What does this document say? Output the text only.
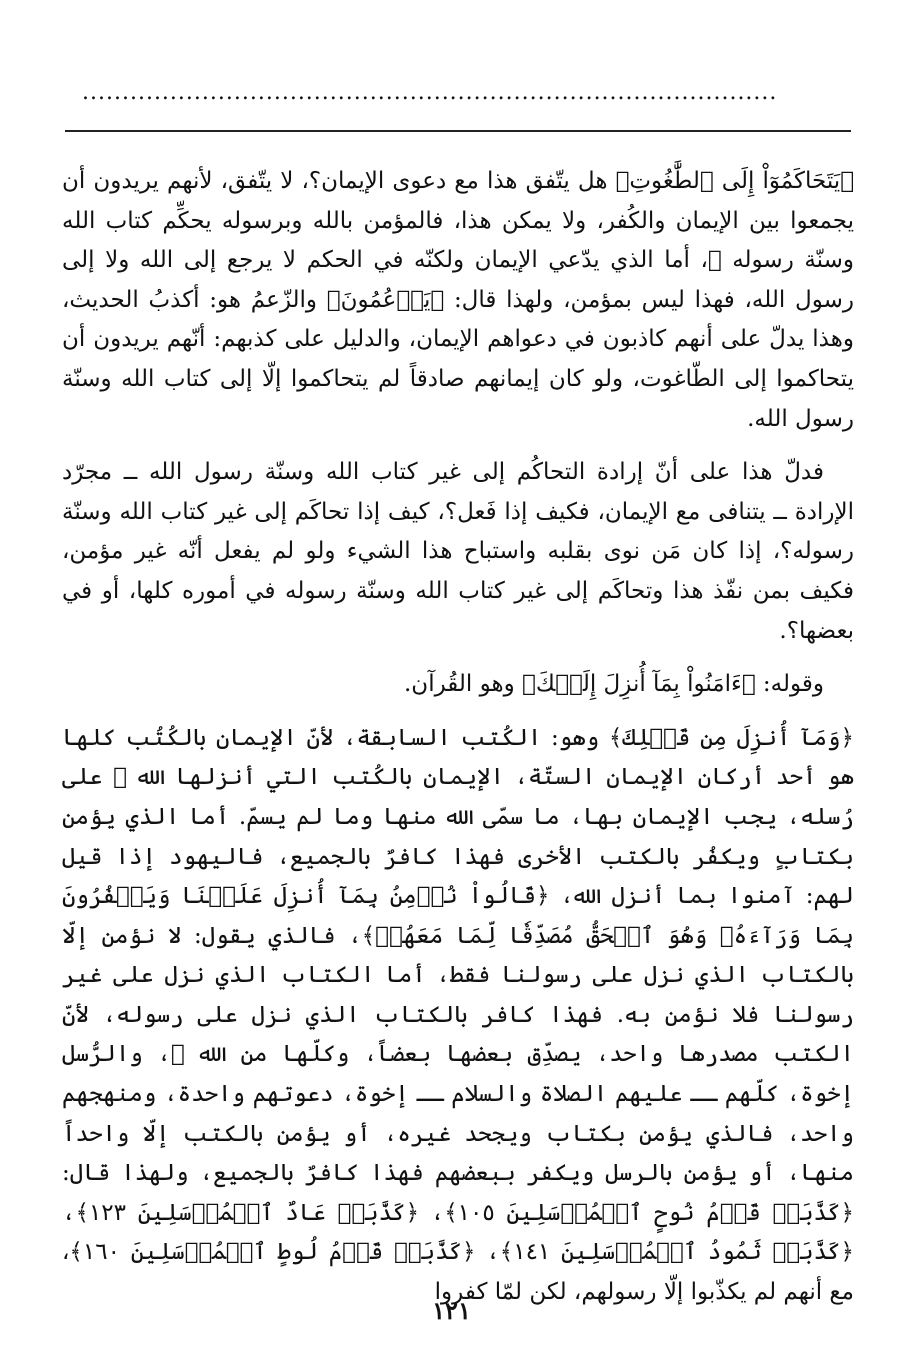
.......................................................................................

﴿يَتَحَاكَمُوٓاْ إِلَى ٱلطَّٰغُوتِ﴾ هل يتّفق هذا مع دعوى الإيمان؟، لا يتّفق، لأنهم يريدون أن يجمعوا بين الإيمان والكُفر، ولا يمكن هذا، فالمؤمن بالله وبرسوله يحكِّم كتاب الله وسنّة رسوله ﷺ، أما الذي يدّعي الإيمان ولكنّه في الحكم لا يرجع إلى الله ولا إلى رسول الله، فهذا ليس بمؤمن، ولهذا قال: ﴿يَزۡعُمُونَ﴾ والزّعمُ هو: أكذبُ الحديث، وهذا يدلّ على أنهم كاذبون في دعواهم الإيمان، والدليل على كذبهم: أنّهم يريدون أن يتحاكموا إلى الطّاغوت، ولو كان إيمانهم صادقاً لم يتحاكموا إلّا إلى كتاب الله وسنّة رسول الله.

فدلّ هذا على أنّ إرادة التحاكُم إلى غير كتاب الله وسنّة رسول الله ــ مجرّد الإرادة ــ يتنافى مع الإيمان، فكيف إذا فَعل؟، كيف إذا تحاكَم إلى غير كتاب الله وسنّة رسوله؟، إذا كان مَن نوى بقلبه واستباح هذا الشيء ولو لم يفعل أنّه غير مؤمن، فكيف بمن نفّذ هذا وتحاكَم إلى غير كتاب الله وسنّة رسوله في أموره كلها، أو في بعضها؟.

وقوله: ﴿ءَامَنُواْ بِمَآ أُنزِلَ إِلَيۡكَ﴾ وهو القُرآن.

﴿وَمَآ أُنزِلَ مِن قَبۡلِكَ﴾ وهو: الكُتب السابقة، لأنّ الإيمان بالكُتُب كلها هو أحد أركان الإيمان الستّة، الإيمان بالكُتب التي أنزلها الله ﷻ على رُسله، يجب الإيمان بها، ما سمّى الله منها وما لم يسمّ. أما الذي يؤمن بكتابٍ ويكفُر بالكتب الأخرى فهذا كافرٌ بالجميع، فاليهود إذا قيل لهم: آمنوا بما أنزل الله، ﴿قَالُواْ نُؤۡمِنُ بِمَآ أُنزِلَ عَلَيۡنَا وَيَكۡفُرُونَ بِمَا وَرَآءَهُۥ وَهُوَ ٱلۡحَقُّ مُصَدِّقٗا لِّمَا مَعَهُمۡ﴾، فالذي يقول: لا نؤمن إلّا بالكتاب الذي نزل على رسولنا فقط، أما الكتاب الذي نزل على غير رسولنا فلا نؤمن به. فهذا كافر بالكتاب الذي نزل على رسوله، لأنّ الكتب مصدرها واحد، يصدِّق بعضها بعضاً، وكلّها من الله ﷻ، والرُّسل إخوة، كلّهم ــ عليهم الصلاة والسلام ــ إخوة، دعوتهم واحدة، ومنهجهم واحد، فالذي يؤمن بكتاب ويجحد غيره، أو يؤمن بالكتب إلّا واحداً منها، أو يؤمن بالرسل ويكفر ببعضهم فهذا كافرٌ بالجميع، ولهذا قال: ﴿كَذَّبَتۡ قَوۡمُ نُوحٍ ٱلۡمُرۡسَلِينَ ١٠٥﴾، ﴿كَذَّبَتۡ عَادٌ ٱلۡمُرۡسَلِينَ ١٢٣﴾، ﴿كَذَّبَتۡ ثَمُودُ ٱلۡمُرۡسَلِينَ ١٤١﴾، ﴿كَذَّبَتۡ قَوۡمُ لُوطٍ ٱلۡمُرۡسَلِينَ ١٦٠﴾، مع أنهم لم يكذّبوا إلّا رسولهم، لكن لمّا كفروا

١٢١
